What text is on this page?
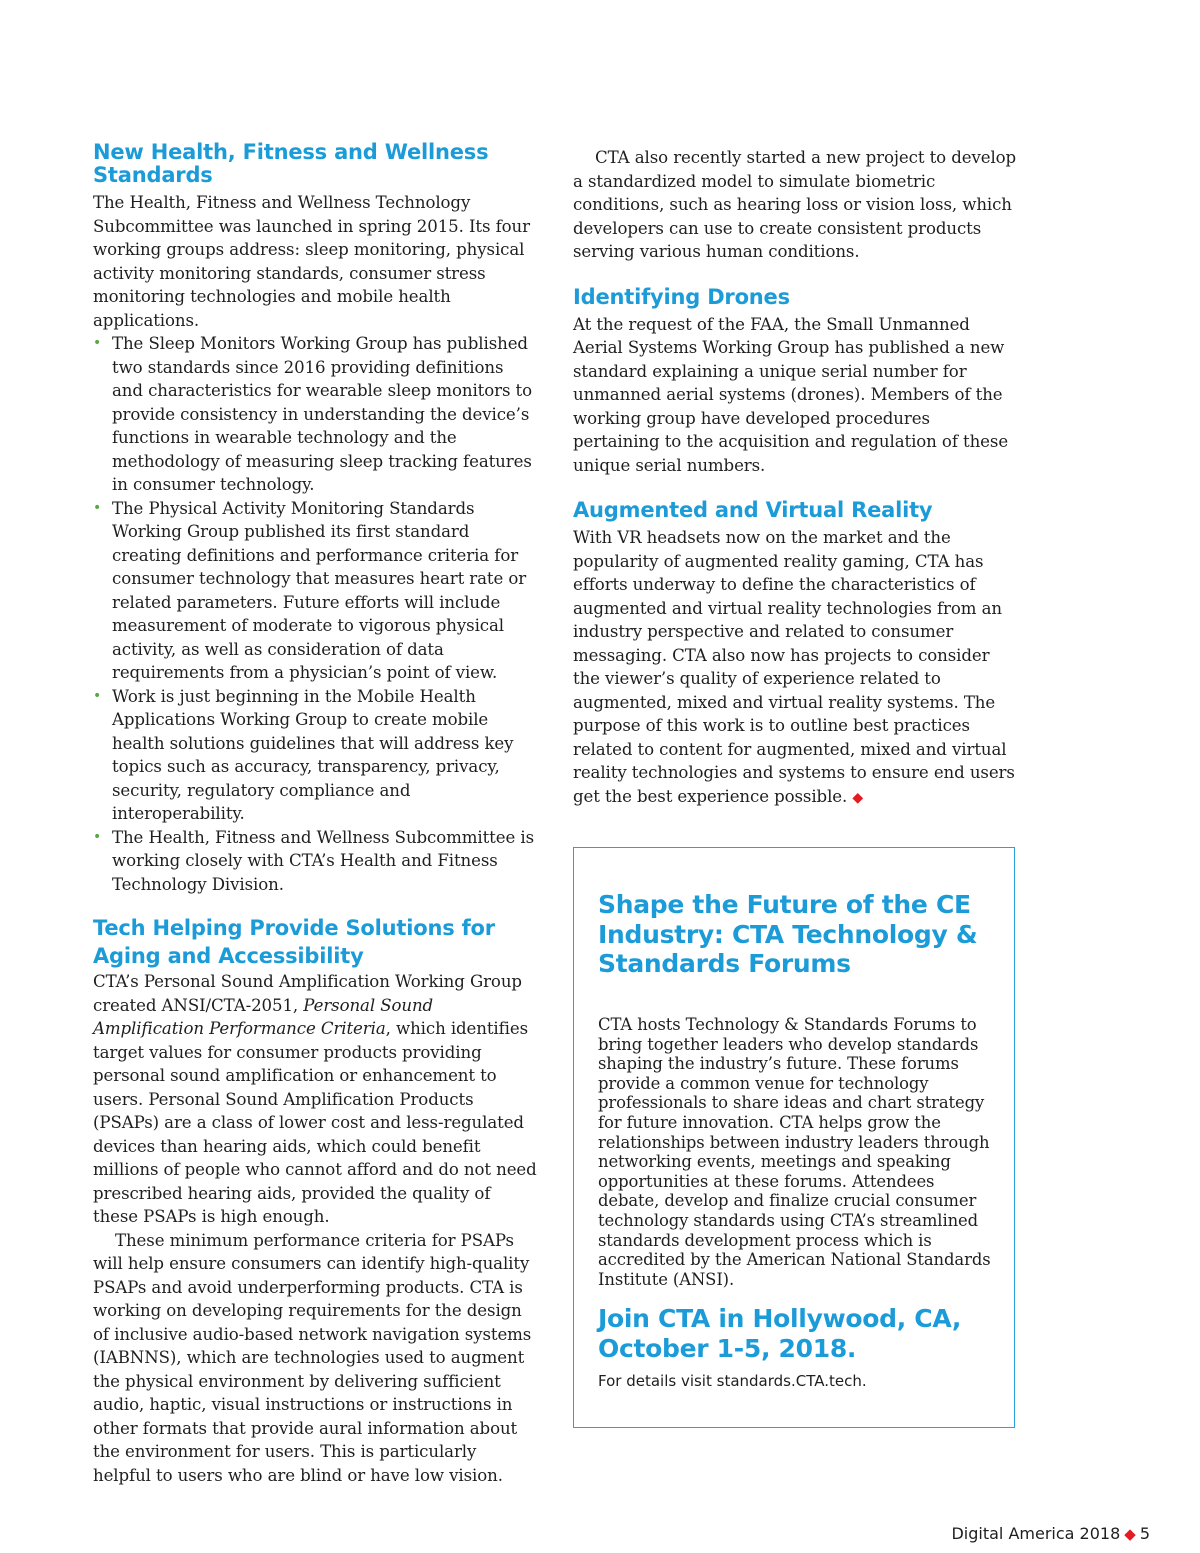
New Health, Fitness and Wellness Standards

The Health, Fitness and Wellness Technology Subcommittee was launched in spring 2015. Its four working groups address: sleep monitoring, physical activity monitoring standards, consumer stress monitoring technologies and mobile health applications.

• The Sleep Monitors Working Group has published two standards since 2016 providing definitions and characteristics for wearable sleep monitors to provide consistency in understanding the device’s functions in wearable technology and the methodology of measuring sleep tracking features in consumer technology.
• The Physical Activity Monitoring Standards Working Group published its first standard creating definitions and performance criteria for consumer technology that measures heart rate or related parameters. Future efforts will include measurement of moderate to vigorous physical activity, as well as consideration of data requirements from a physician’s point of view.
• Work is just beginning in the Mobile Health Applications Working Group to create mobile health solutions guidelines that will address key topics such as accuracy, transparency, privacy, security, regulatory compliance and interoperability.
• The Health, Fitness and Wellness Subcommittee is working closely with CTA’s Health and Fitness Technology Division.
Tech Helping Provide Solutions for Aging and Accessibility

CTA’s Personal Sound Amplification Working Group created ANSI/CTA-2051, Personal Sound Amplification Performance Criteria, which identifies target values for consumer products providing personal sound amplification or enhancement to users. Personal Sound Amplification Products (PSAPs) are a class of lower cost and less-regulated devices than hearing aids, which could benefit millions of people who cannot afford and do not need prescribed hearing aids, provided the quality of these PSAPs is high enough.

These minimum performance criteria for PSAPs will help ensure consumers can identify high-quality PSAPs and avoid underperforming products. CTA is working on developing requirements for the design of inclusive audio-based network navigation systems (IABNNS), which are technologies used to augment the physical environment by delivering sufficient audio, haptic, visual instructions or instructions in other formats that provide aural information about the environment for users. This is particularly helpful to users who are blind or have low vision.

CTA also recently started a new project to develop a standardized model to simulate biometric conditions, such as hearing loss or vision loss, which developers can use to create consistent products serving various human conditions.

Identifying Drones

At the request of the FAA, the Small Unmanned Aerial Systems Working Group has published a new standard explaining a unique serial number for unmanned aerial systems (drones). Members of the working group have developed procedures pertaining to the acquisition and regulation of these unique serial numbers.

Augmented and Virtual Reality

With VR headsets now on the market and the popularity of augmented reality gaming, CTA has efforts underway to define the characteristics of augmented and virtual reality technologies from an industry perspective and related to consumer messaging. CTA also now has projects to consider the viewer’s quality of experience related to augmented, mixed and virtual reality systems. The purpose of this work is to outline best practices related to content for augmented, mixed and virtual reality technologies and systems to ensure end users get the best experience possible. ◆

Shape the Future of the CE Industry: CTA Technology & Standards Forums

CTA hosts Technology & Standards Forums to bring together leaders who develop standards shaping the industry’s future. These forums provide a common venue for technology professionals to share ideas and chart strategy for future innovation. CTA helps grow the relationships between industry leaders through networking events, meetings and speaking opportunities at these forums. Attendees debate, develop and finalize crucial consumer technology standards using CTA’s streamlined standards development process which is accredited by the American National Standards Institute (ANSI).

Join CTA in Hollywood, CA, October 1-5, 2018.
For details visit standards.CTA.tech.
Digital America 2018 ◆ 5
